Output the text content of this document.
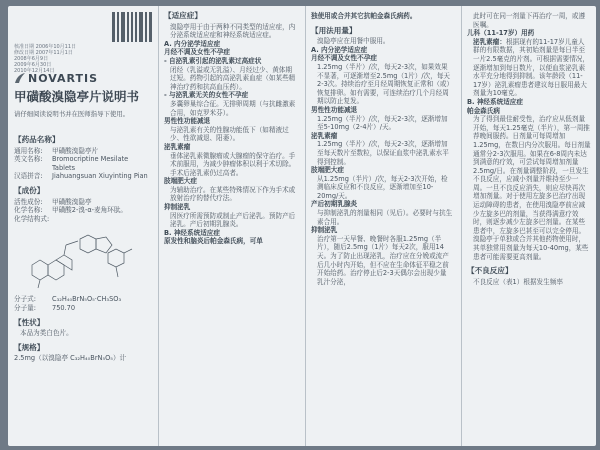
核准日期 2006年10月11日
修改日期 2007年11月1日
2008年6月9日
2009年6月30日
2010年12月14日
NOVARTIS
甲磺酸溴隐亭片说明书
请仔细阅读说明书并在医师指导下使用。
【药品名称】
通用名称:	甲磺酸溴隐亭片
英文名称:	Bromocriptine Mesilate Tablets
汉语拼音:	Jiahuangsuan Xiuyinting Pian
【成份】
活性成份:	甲磺酸溴隐亭
化学名称:	甲磺酸2-溴-α-麦角环肽。
化学结构式:
分子式:	C₃₂H₄₀BrN₅O₅·CH₃SO₃
分子量:	750.70
【性状】

本品为类白色片。

【规格】

2.5mg（以溴隐亭 C₃₂H₄₀BrN₅O₅）计

【适应症】

溴隐亭用于由于两种不同类型的适应症，内分泌系统适应症和神经系统适应症。

A. 内分泌学适应症

月经不调及女性不孕症

- 自泌乳素引起的泌乳素过高症状

闭经（乳溢或无乳溢）、月经过少、黄体期过短。药物引起的高泌乳素血症（如某些精神治疗药和抗高血压药）。

- 与泌乳素无关的女性不孕症

多囊卵巢综合征。无排卵周期（与抗雌激素合用，如克罗米芬）。

男性性功能减退

与泌乳素有关的性腺功能低下（如精液过少、性欲减退、阳萎）。

泌乳素瘤

垂体泌乳素微腺瘤或大腺瘤的保守治疗。手术前服用，为减少肿瘤体积以利于术切除。手术后泌乳素仍过高者。

肢端肥大症

为辅助治疗。在某些特殊情况下作为手术或放射治疗的替代疗法。

抑制泌乳

因医疗所需预防或制止产后泌乳。预防产后泌乳。产后初期乳腺炎。

B. 神经系统适应症

原发性和脑炎后帕金森氏病，可单

独使用或合并其它抗帕金森氏病药。

【用法用量】

溴隐亭应在用餐中服用。

A. 内分泌学适应症

月经不调及女性不孕症

1.25mg（半片）/次，每天2-3次，如果效果不显著，可逐渐增至2.5mg（1片）/次，每天2-3次。持续治疗至月经周期恢复正常和（或）恢复排卵。如有需要，可连续治疗几个月经周期以防止复发。

男性性功能减退

1.25mg（半片）/次，每天2-3次，逐渐增加至5-10mg（2-4片）/天。

泌乳素瘤

1.25mg（半片）/次，每天2-3次，逐渐增加至每天数片至数粒，以保证血浆中泌乳素水平得到控制。

肢端肥大症

从1.25mg（半片）/次，每天2-3次开始，检测临床反应和不良反应，逐渐增加至10-20mg/天。

产后初期乳腺炎

与抑制泌乳的剂量相同（见后）。必要时与抗生素合用。

抑制泌乳

治疗第一天早餐、晚餐时各服1.25mg（半片），随后2.5mg（1片）每天2次，服用14天。为了防止出现泌乳，治疗应在分娩或流产后几小时内开始，但不应在生命体征平稳之前开始给药。治疗停止后2-3天偶尔会出现少量乳汁分泌，

此时可在同一剂量下再治疗一周，或遵医嘱。

儿科（11-17岁）用药

泌乳素瘤：根据现有的11-17岁儿童人群的有限数据，其初始剂量是每日半至一片2.5毫克的片剂。可根据需要情况，逐渐增加到每日数片，以便血浆泌乳素水平充分地得到抑制。该年龄段（11-17岁）泌乳素瘤患者建议每日服用最大剂量为10毫克。

B. 神经系统适应症

帕金森氏病

为了得到最佳耐受性，治疗应从低剂量开始，每天1.25毫克（半片），第一周推荐晚间服药。日剂量可每周增加1.25mg，在数日内分次服用。每日剂量通常分2-3次服用。如果在6-8周内未达到满意的疗效，可尝试每周增加剂量2.5mg/日。在剂量调整阶段，一旦发生不良反应，应减小剂量并维持至少一周。一旦不良反应消失，则应尽快再次增加剂量。对于使用左旋多巴治疗出现运动障碍的患者，在使用溴隐亭前应减少左旋多巴的剂量，当获得满意疗效时，则逐步减少左旋多巴剂量。在某些患者中，左旋多巴甚至可以完全停用。

溴隐亭于单独或合并其他药物使用时，其单独常用剂量为每天10-40mg，某些患者可能需要更高剂量。

【不良反应】

不良反应（表1）根据发生频率
